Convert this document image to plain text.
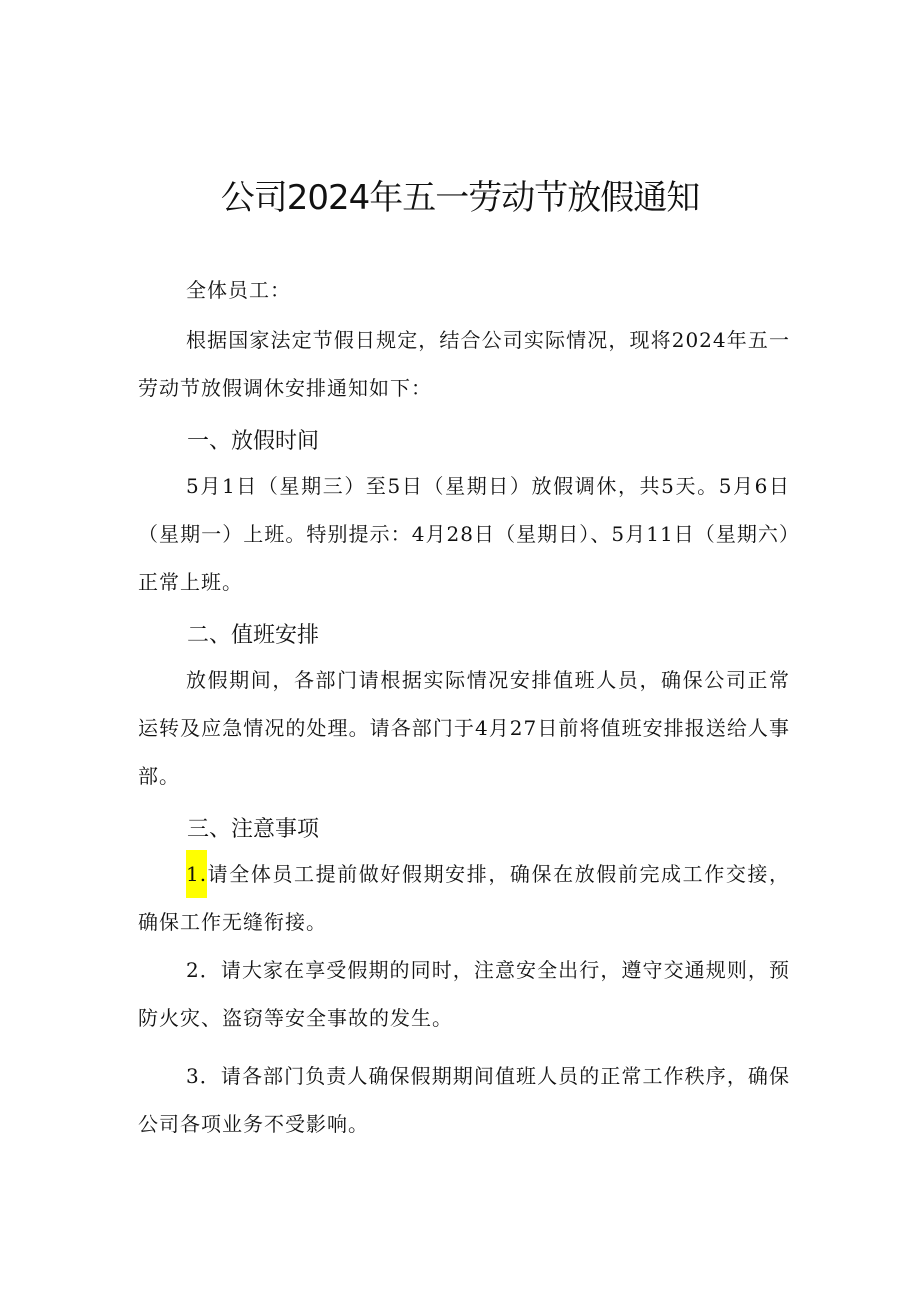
公司2024年五一劳动节放假通知

全体员工：

根据国家法定节假日规定，结合公司实际情况，现将2024年五一劳动节放假调休安排通知如下：

一、放假时间

5月1日（星期三）至5日（星期日）放假调休，共5天。5月6日（星期一）上班。特别提示：4月28日（星期日）、5月11日（星期六）正常上班。

二、值班安排

放假期间，各部门请根据实际情况安排值班人员，确保公司正常运转及应急情况的处理。请各部门于4月27日前将值班安排报送给人事部。

三、注意事项

1.请全体员工提前做好假期安排，确保在放假前完成工作交接，确保工作无缝衔接。

2．请大家在享受假期的同时，注意安全出行，遵守交通规则，预防火灾、盗窃等安全事故的发生。

3．请各部门负责人确保假期期间值班人员的正常工作秩序，确保公司各项业务不受影响。
